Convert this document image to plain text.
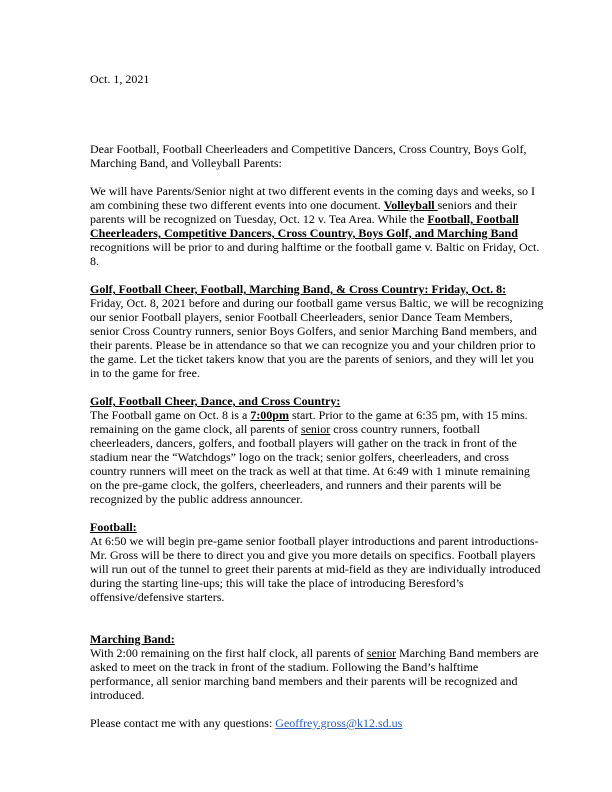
Oct. 1, 2021

Dear Football, Football Cheerleaders and Competitive Dancers, Cross Country, Boys Golf, Marching Band, and Volleyball Parents:

We will have Parents/Senior night at two different events in the coming days and weeks, so I am combining these two different events into one document. Volleyball seniors and their parents will be recognized on Tuesday, Oct. 12 v. Tea Area. While the Football, Football Cheerleaders, Competitive Dancers, Cross Country, Boys Golf, and Marching Band recognitions will be prior to and during halftime or the football game v. Baltic on Friday, Oct. 8.

Golf, Football Cheer, Football, Marching Band, & Cross Country: Friday, Oct. 8:

Friday, Oct. 8, 2021 before and during our football game versus Baltic, we will be recognizing our senior Football players, senior Football Cheerleaders, senior Dance Team Members, senior Cross Country runners, senior Boys Golfers, and senior Marching Band members, and their parents. Please be in attendance so that we can recognize you and your children prior to the game. Let the ticket takers know that you are the parents of seniors, and they will let you in to the game for free.

Golf, Football Cheer, Dance, and Cross Country:

The Football game on Oct. 8 is a 7:00pm start. Prior to the game at 6:35 pm, with 15 mins. remaining on the game clock, all parents of senior cross country runners, football cheerleaders, dancers, golfers, and football players will gather on the track in front of the stadium near the “Watchdogs” logo on the track; senior golfers, cheerleaders, and cross country runners will meet on the track as well at that time. At 6:49 with 1 minute remaining on the pre-game clock, the golfers, cheerleaders, and runners and their parents will be recognized by the public address announcer.

Football:

At 6:50 we will begin pre-game senior football player introductions and parent introductions-Mr. Gross will be there to direct you and give you more details on specifics. Football players will run out of the tunnel to greet their parents at mid-field as they are individually introduced during the starting line-ups; this will take the place of introducing Beresford’s offensive/defensive starters.

Marching Band:

With 2:00 remaining on the first half clock, all parents of senior Marching Band members are asked to meet on the track in front of the stadium. Following the Band’s halftime performance, all senior marching band members and their parents will be recognized and introduced.

Please contact me with any questions: Geoffrey.gross@k12.sd.us
